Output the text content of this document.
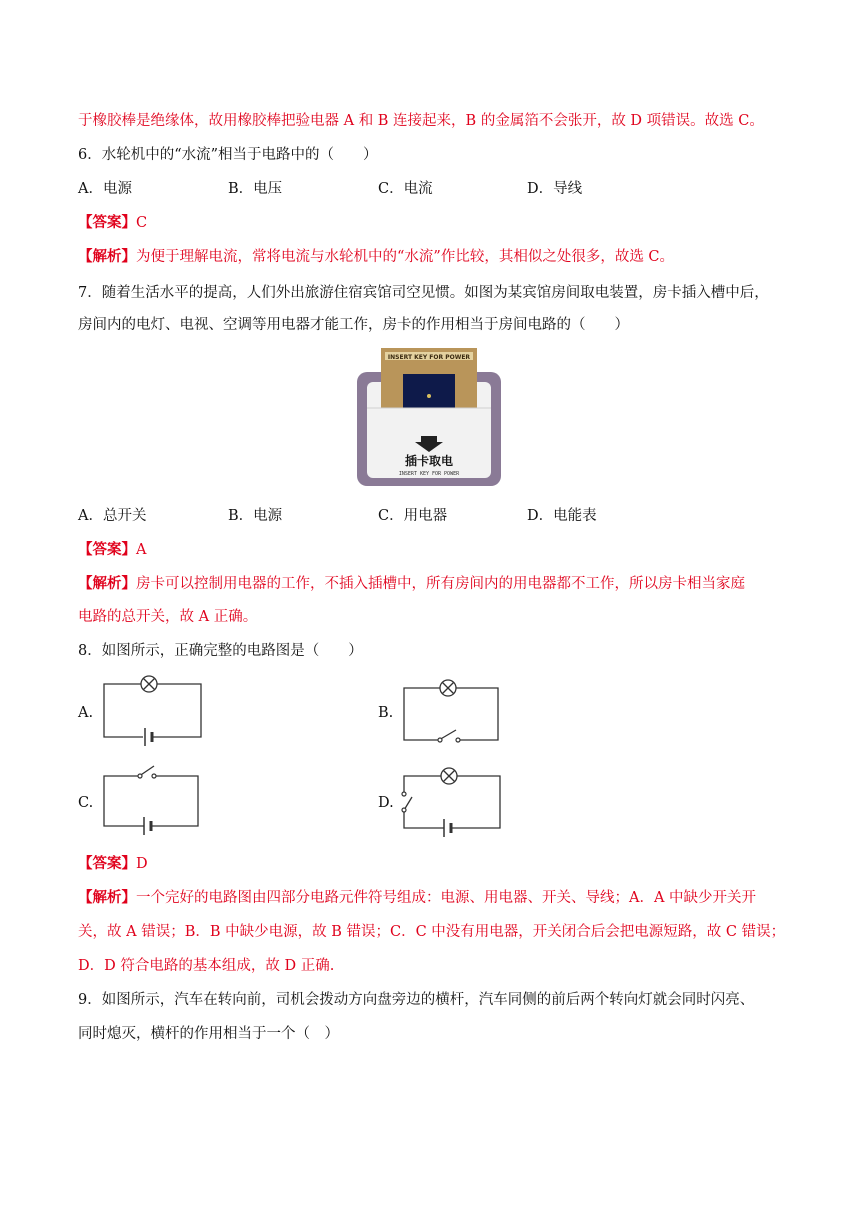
于橡胶棒是绝缘体，故用橡胶棒把验电器 A 和 B 连接起来，B 的金属箔不会张开，故 D 项错误。故选 C。
6．水轮机中的“水流”相当于电路中的（　　）
A．电源	B．电压	C．电流	D．导线
【答案】C
【解析】为便于理解电流，常将电流与水轮机中的“水流”作比较，其相似之处很多，故选 C。
7．随着生活水平的提高，人们外出旅游住宿宾馆司空见惯。如图为某宾馆房间取电装置，房卡插入槽中后，
房间内的电灯、电视、空调等用电器才能工作，房卡的作用相当于房间电路的（　　）
INSERT KEY FOR POWER
插卡取电
INSERT KEY FOR POWER
A．总开关	B．电源	C．用电器	D．电能表
【答案】A
【解析】房卡可以控制用电器的工作，不插入插槽中，所有房间内的用电器都不工作，所以房卡相当家庭
电路的总开关，故 A 正确。
8．如图所示，正确完整的电路图是（　　）
A.	B.
C.	D.
【答案】D
【解析】一个完好的电路图由四部分电路元件符号组成：电源、用电器、开关、导线；A．A 中缺少开关开
关，故 A 错误；B．B 中缺少电源，故 B 错误；C．C 中没有用电器，开关闭合后会把电源短路，故 C 错误；
D．D 符合电路的基本组成，故 D 正确.
9．如图所示，汽车在转向前，司机会拨动方向盘旁边的横杆，汽车同侧的前后两个转向灯就会同时闪亮、
同时熄灭，横杆的作用相当于一个（　）
